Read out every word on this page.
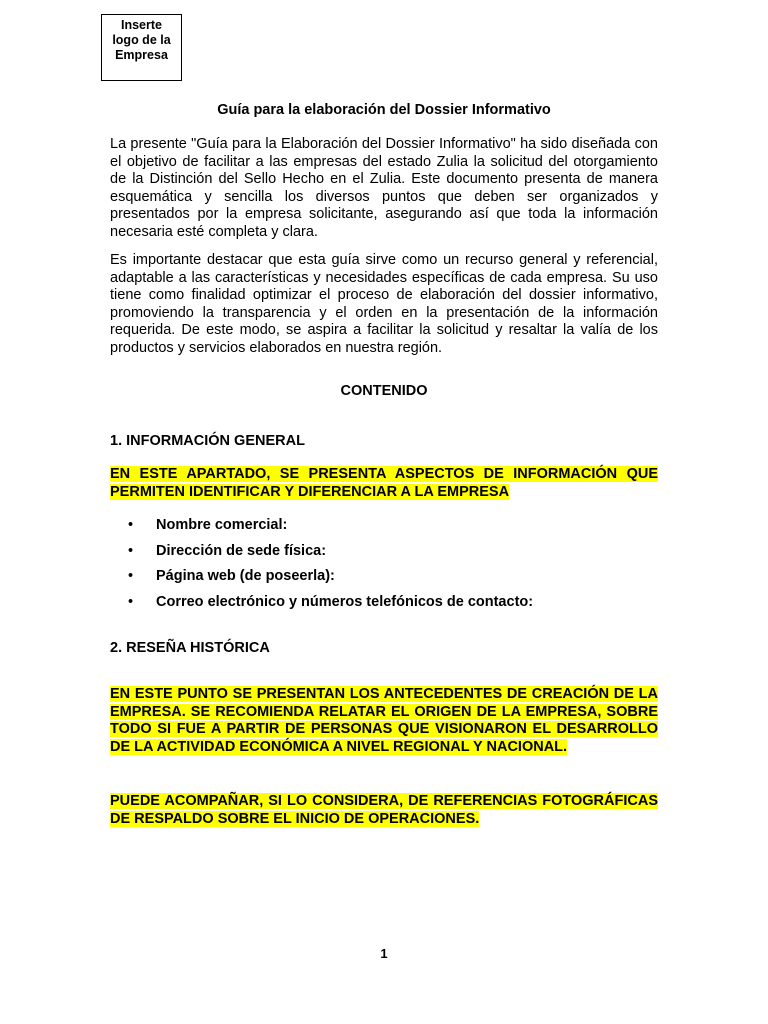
Inserte
logo de la
Empresa
Guía para la elaboración del Dossier Informativo
La presente "Guía para la Elaboración del Dossier Informativo" ha sido diseñada con el objetivo de facilitar a las empresas del estado Zulia la solicitud del otorgamiento de la Distinción del Sello Hecho en el Zulia. Este documento presenta de manera esquemática y sencilla los diversos puntos que deben ser organizados y presentados por la empresa solicitante, asegurando así que toda la información necesaria esté completa y clara.
Es importante destacar que esta guía sirve como un recurso general y referencial, adaptable a las características y necesidades específicas de cada empresa. Su uso tiene como finalidad optimizar el proceso de elaboración del dossier informativo, promoviendo la transparencia y el orden en la presentación de la información requerida. De este modo, se aspira a facilitar la solicitud y resaltar la valía de los productos y servicios elaborados en nuestra región.
CONTENIDO
1. INFORMACIÓN GENERAL
EN ESTE APARTADO, SE PRESENTA ASPECTOS DE INFORMACIÓN QUE PERMITEN IDENTIFICAR Y DIFERENCIAR A LA EMPRESA
• Nombre comercial:
• Dirección de sede física:
• Página web (de poseerla):
• Correo electrónico y números telefónicos de contacto:
2. RESEÑA HISTÓRICA
EN ESTE PUNTO SE PRESENTAN LOS ANTECEDENTES DE CREACIÓN DE LA EMPRESA. SE RECOMIENDA RELATAR EL ORIGEN DE LA EMPRESA, SOBRE TODO SI FUE A PARTIR DE PERSONAS QUE VISIONARON EL DESARROLLO DE LA ACTIVIDAD ECONÓMICA A NIVEL REGIONAL Y NACIONAL.
PUEDE ACOMPAÑAR, SI LO CONSIDERA, DE REFERENCIAS FOTOGRÁFICAS DE RESPALDO SOBRE EL INICIO DE OPERACIONES.
1
